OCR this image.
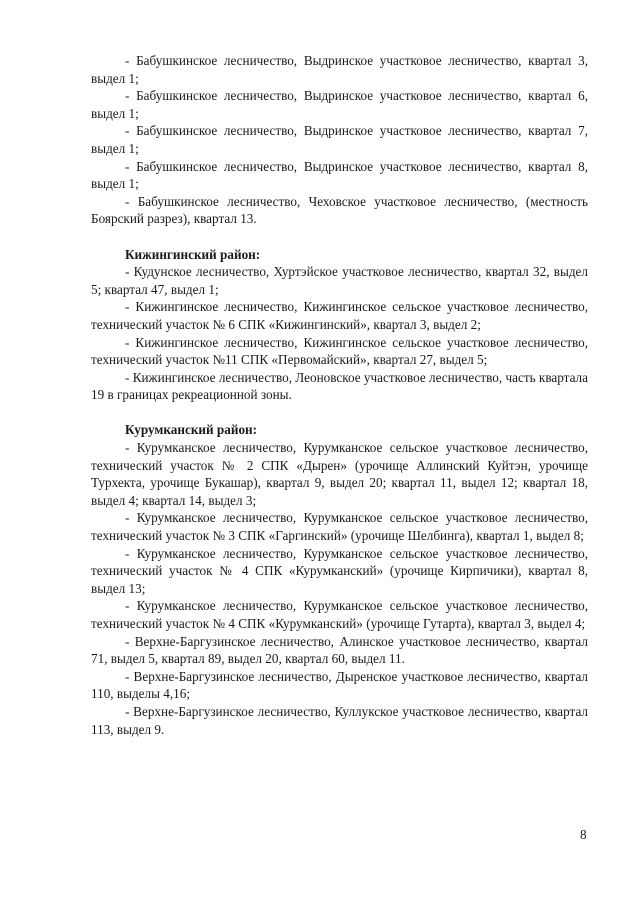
- Бабушкинское лесничество, Выдринское участковое лесничество, квартал 3, выдел 1;

- Бабушкинское лесничество, Выдринское участковое лесничество, квартал 6, выдел 1;

- Бабушкинское лесничество, Выдринское участковое лесничество, квартал 7, выдел 1;

- Бабушкинское лесничество, Выдринское участковое лесничество, квартал 8, выдел 1;

- Бабушкинское лесничество, Чеховское участковое лесничество, (местность Боярский разрез), квартал 13.

Кижингинский район:

- Кудунское лесничество, Хуртэйское участковое лесничество, квартал 32, выдел 5; квартал 47, выдел 1;

- Кижингинское лесничество, Кижингинское сельское участковое лесничество, технический участок № 6 СПК «Кижингинский», квартал 3, выдел 2;

- Кижингинское лесничество, Кижингинское сельское участковое лесничество, технический участок №11 СПК «Первомайский», квартал 27, выдел 5;

- Кижингинское лесничество, Леоновское участковое лесничество, часть квартала 19 в границах рекреационной зоны.

Курумканский район:

- Курумканское лесничество, Курумканское сельское участковое лесничество, технический участок № 2 СПК «Дырен» (урочище Аллинский Куйтэн, урочище Турхекта, урочище Букашар), квартал 9, выдел 20; квартал 11, выдел 12; квартал 18, выдел 4; квартал 14, выдел 3;

- Курумканское лесничество, Курумканское сельское участковое лесничество, технический участок № 3 СПК «Гаргинский» (урочище Шелбинга), квартал 1, выдел 8;

- Курумканское лесничество, Курумканское сельское участковое лесничество, технический участок № 4 СПК «Курумканский» (урочище Кирпичики), квартал 8, выдел 13;

- Курумканское лесничество, Курумканское сельское участковое лесничество, технический участок № 4 СПК «Курумканский» (урочище Гутарта), квартал 3, выдел 4;

- Верхне-Баргузинское лесничество, Алинское участковое лесничество, квартал 71, выдел 5, квартал 89, выдел 20, квартал 60, выдел 11.

- Верхне-Баргузинское лесничество, Дыренское участковое лесничество, квартал 110, выделы 4,16;

- Верхне-Баргузинское лесничество, Куллукское участковое лесничество, квартал 113, выдел 9.

8
